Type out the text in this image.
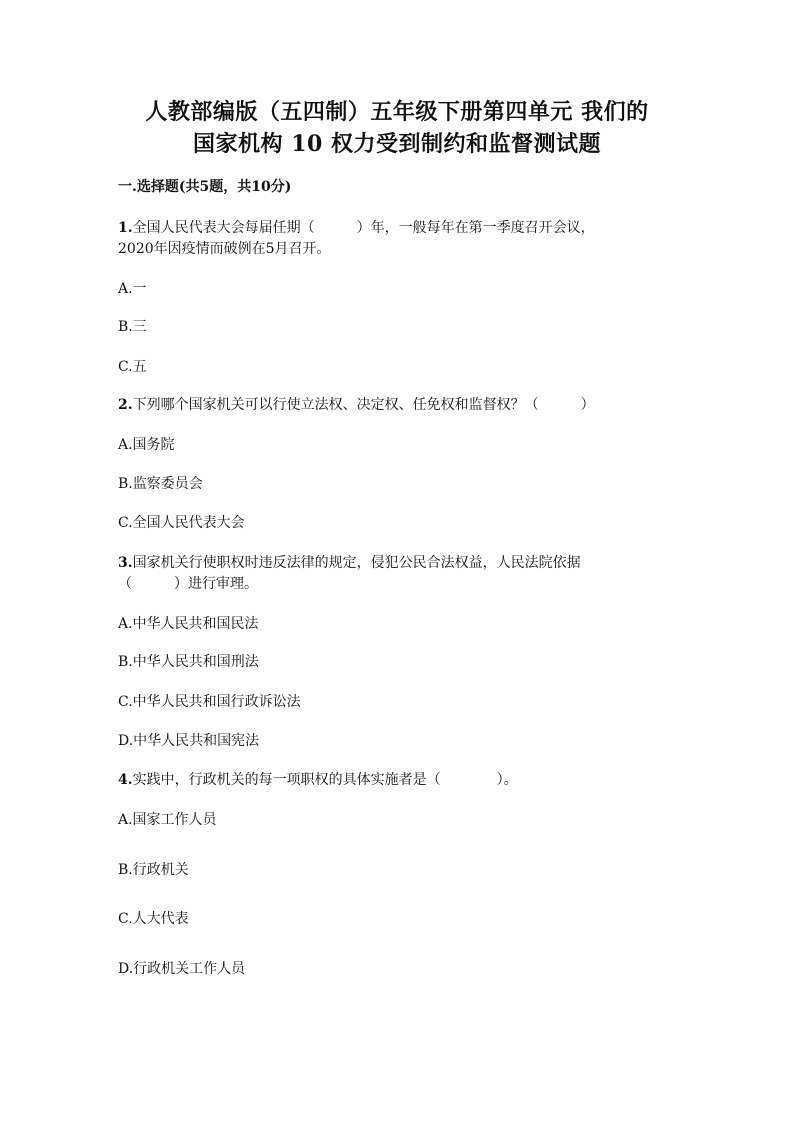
人教部编版（五四制）五年级下册第四单元 我们的
国家机构 10 权力受到制约和监督测试题

一.选择题(共5题，共10分)

1.全国人民代表大会每届任期（　　　）年，一般每年在第一季度召开会议，

2020年因疫情而破例在5月召开。

A.一

B.三

C.五

2.下列哪个国家机关可以行使立法权、决定权、任免权和监督权？（　　　）

A.国务院

B.监察委员会

C.全国人民代表大会

3.国家机关行使职权时违反法律的规定，侵犯公民合法权益，人民法院依据

（　　　）进行审理。

A.中华人民共和国民法

B.中华人民共和国刑法

C.中华人民共和国行政诉讼法

D.中华人民共和国宪法

4.实践中，行政机关的每一项职权的具体实施者是（　　　　）。

A.国家工作人员

B.行政机关

C.人大代表

D.行政机关工作人员
